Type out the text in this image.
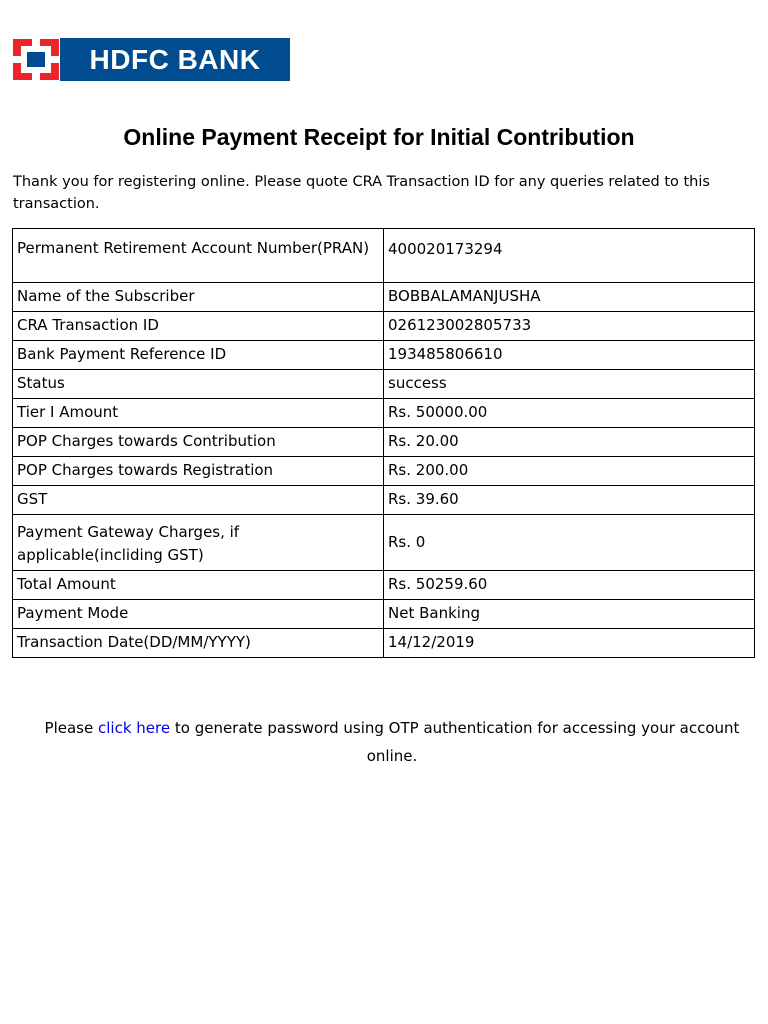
HDFC BANK
Online Payment Receipt for Initial Contribution

Thank you for registering online. Please quote CRA Transaction ID for any queries related to this transaction.

Permanent Retirement Account Number(PRAN)	400020173294
Name of the Subscriber	BOBBALAMANJUSHA
CRA Transaction ID	026123002805733
Bank Payment Reference ID	193485806610
Status	success
Tier I Amount	Rs. 50000.00
POP Charges towards Contribution	Rs. 20.00
POP Charges towards Registration	Rs. 200.00
GST	Rs. 39.60
Payment Gateway Charges, if applicable(incliding GST)	Rs. 0
Total Amount	Rs. 50259.60
Payment Mode	Net Banking
Transaction Date(DD/MM/YYYY)	14/12/2019

Please click here to generate password using OTP authentication for accessing your account online.
